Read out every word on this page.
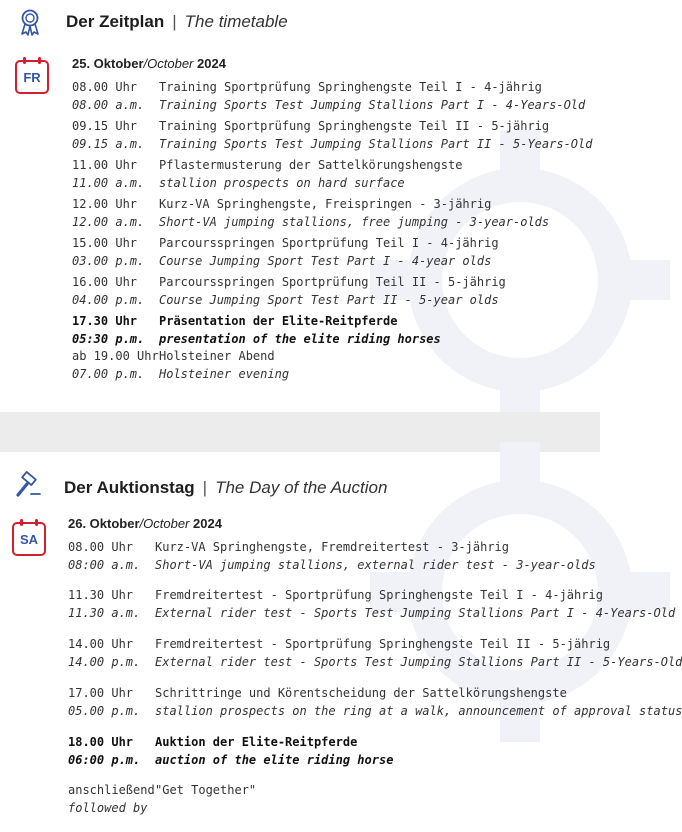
Der Zeitplan | The timetable
FR
25. Oktober/October 2024
08.00 Uhr
08.00 a.m.
Training Sportprüfung Springhengste Teil I - 4-jährig
Training Sports Test Jumping Stallions Part I - 4-Years-Old
09.15 Uhr
09.15 a.m.
Training Sportprüfung Springhengste Teil II - 5-jährig
Training Sports Test Jumping Stallions Part II - 5-Years-Old
11.00 Uhr
11.00 a.m.
Pflastermusterung der Sattelkörungshengste
stallion prospects on hard surface
12.00 Uhr
12.00 a.m.
Kurz-VA Springhengste, Freispringen - 3-jährig
Short-VA jumping stallions, free jumping - 3-year-olds
15.00 Uhr
03.00 p.m.
Parcoursspringen Sportprüfung Teil I - 4-jährig
Course Jumping Sport Test Part I - 4-year olds
16.00 Uhr
04.00 p.m.
Parcoursspringen Sportprüfung Teil II - 5-jährig
Course Jumping Sport Test Part II - 5-year olds
17.30 Uhr
05:30 p.m.
Präsentation der Elite-Reitpferde
presentation of the elite riding horses
ab 19.00 Uhr
07.00 p.m.
Holsteiner Abend
Holsteiner evening
Der Auktionstag | The Day of the Auction
SA
26. Oktober/October 2024
08.00 Uhr
08:00 a.m.
Kurz-VA Springhengste, Fremdreitertest - 3-jährig
Short-VA jumping stallions, external rider test - 3-year-olds
11.30 Uhr
11.30 a.m.
Fremdreitertest - Sportprüfung Springhengste Teil I - 4-jährig
External rider test - Sports Test Jumping Stallions Part I - 4-Years-Old
14.00 Uhr
14.00 p.m.
Fremdreitertest - Sportprüfung Springhengste Teil II - 5-jährig
External rider test - Sports Test Jumping Stallions Part II - 5-Years-Old
17.00 Uhr
05.00 p.m.
Schrittringe und Körentscheidung der Sattelkörungshengste
stallion prospects on the ring at a walk, announcement of approval status
18.00 Uhr
06:00 p.m.
Auktion der Elite-Reitpferde
auction of the elite riding horse
anschließend
followed by
"Get Together"
